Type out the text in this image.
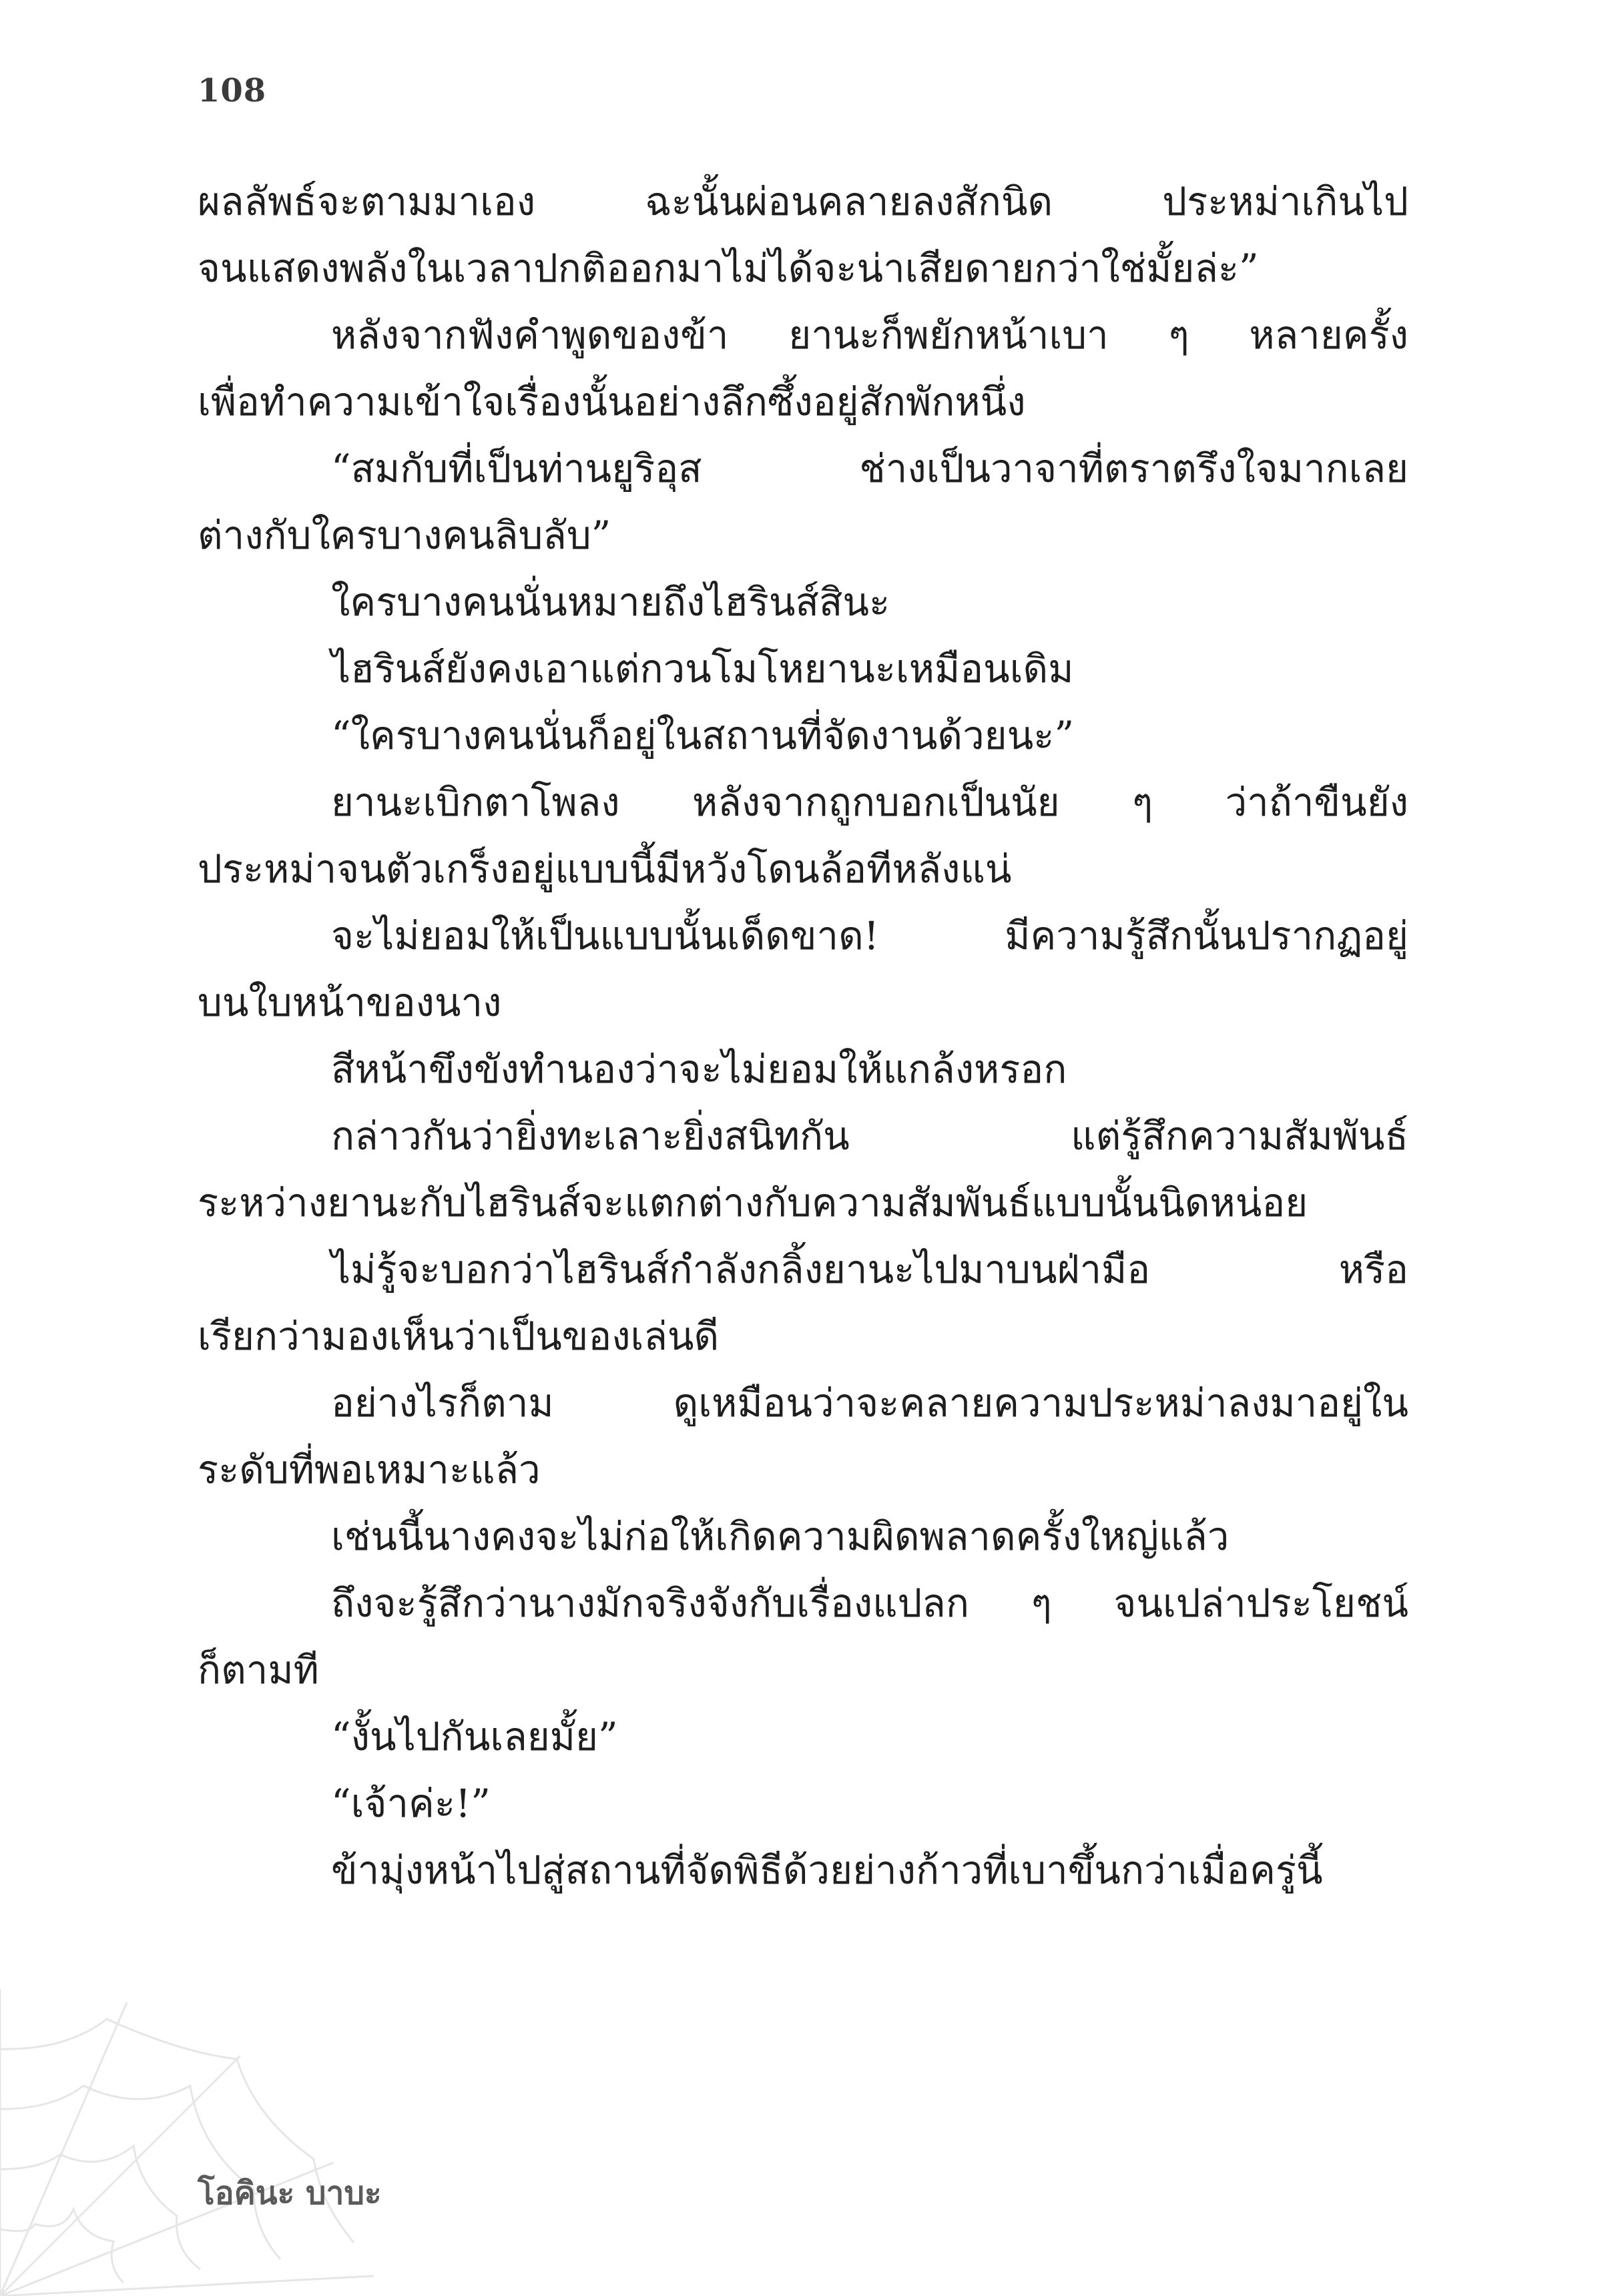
108
ผลลัพธ์จะตามมาเอง ฉะนั้นผ่อนคลายลงสักนิด ประหม่าเกินไป
จนแสดงพลังในเวลาปกติออกมาไม่ได้จะน่าเสียดายกว่าใช่มั้ยล่ะ”
หลังจากฟังคำพูดของข้า ยานะก็พยักหน้าเบา ๆ หลายครั้ง
เพื่อทำความเข้าใจเรื่องนั้นอย่างลึกซึ้งอยู่สักพักหนึ่ง
“สมกับที่เป็นท่านยูริอุส ช่างเป็นวาจาที่ตราตรึงใจมากเลย
ต่างกับใครบางคนลิบลับ”
ใครบางคนนั่นหมายถึงไฮรินส์สินะ
ไฮรินส์ยังคงเอาแต่กวนโมโหยานะเหมือนเดิม
“ใครบางคนนั่นก็อยู่ในสถานที่จัดงานด้วยนะ”
ยานะเบิกตาโพลง หลังจากถูกบอกเป็นนัย ๆ ว่าถ้าขืนยัง
ประหม่าจนตัวเกร็งอยู่แบบนี้มีหวังโดนล้อทีหลังแน่
จะไม่ยอมให้เป็นแบบนั้นเด็ดขาด! มีความรู้สึกนั้นปรากฏอยู่
บนใบหน้าของนาง
สีหน้าขึงขังทำนองว่าจะไม่ยอมให้แกล้งหรอก
กล่าวกันว่ายิ่งทะเลาะยิ่งสนิทกัน แต่รู้สึกความสัมพันธ์
ระหว่างยานะกับไฮรินส์จะแตกต่างกับความสัมพันธ์แบบนั้นนิดหน่อย
ไม่รู้จะบอกว่าไฮรินส์กำลังกลิ้งยานะไปมาบนฝ่ามือ หรือ
เรียกว่ามองเห็นว่าเป็นของเล่นดี
อย่างไรก็ตาม ดูเหมือนว่าจะคลายความประหม่าลงมาอยู่ใน
ระดับที่พอเหมาะแล้ว
เช่นนี้นางคงจะไม่ก่อให้เกิดความผิดพลาดครั้งใหญ่แล้ว
ถึงจะรู้สึกว่านางมักจริงจังกับเรื่องแปลก ๆ จนเปล่าประโยชน์
ก็ตามที
“งั้นไปกันเลยมั้ย”
“เจ้าค่ะ!”
ข้ามุ่งหน้าไปสู่สถานที่จัดพิธีด้วยย่างก้าวที่เบาขึ้นกว่าเมื่อครู่นี้
โอคินะ บาบะ
